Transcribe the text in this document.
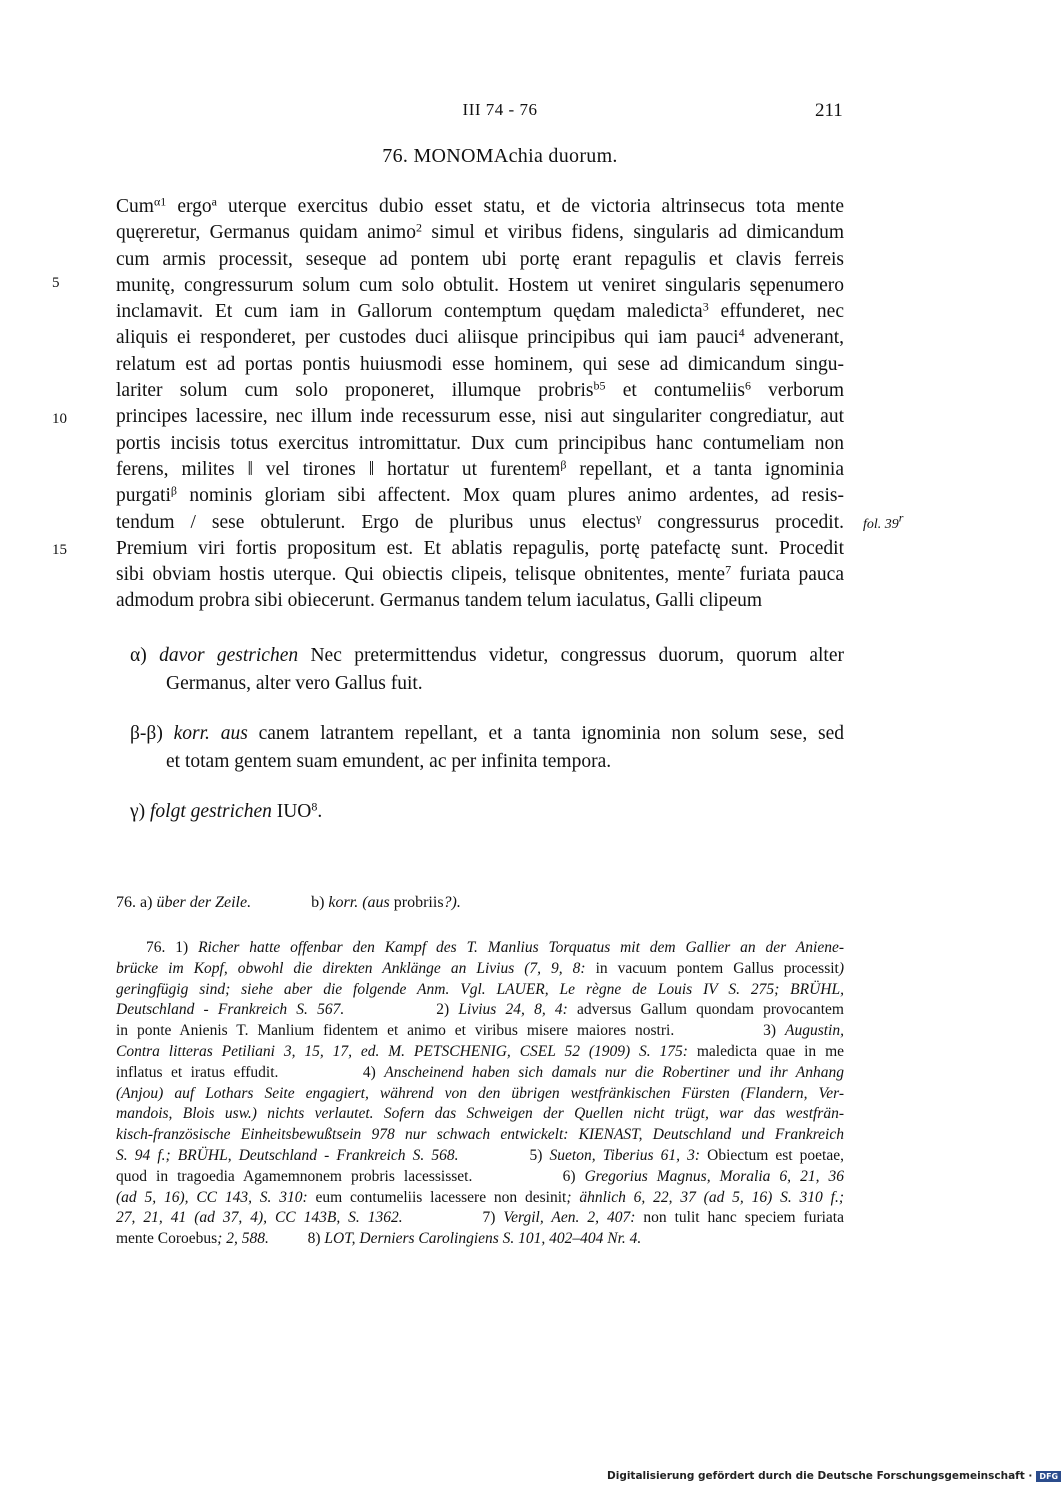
III 74 - 76	211
76. MONOMAchia duorum.
Cum$^{\alpha 1}$ ergo$^a$ uterque exercitus dubio esset statu, et de victoria altrinsecus tota mente
quęreretur, Germanus quidam animo$^2$ simul et viribus fidens, singularis ad dimicandum
cum armis processit, seseque ad pontem ubi portę erant repagulis et clavis ferreis
munitę, congressurum solum cum solo obtulit. Hostem ut veniret singularis sępenumero
inclamavit. Et cum iam in Gallorum contemptum quędam maledicta$^3$ effunderet, nec
aliquis ei responderet, per custodes duci aliisque principibus qui iam pauci$^4$ advenerant,
relatum est ad portas pontis huiusmodi esse hominem, qui sese ad dimicandum singu-
lariter solum cum solo proponeret, illumque probris$^{b5}$ et contumeliis$^6$ verborum
principes lacessire, nec illum inde recessurum esse, nisi aut singulariter congrediatur, aut
portis incisis totus exercitus intromittatur. Dux cum principibus hanc contumeliam non
ferens, milites ‖ vel tirones ‖ hortatur ut furentem$^\beta$ repellant, et a tanta ignominia
purgati$^\beta$ nominis gloriam sibi affectent. Mox quam plures animo ardentes, ad resis-
tendum / sese obtulerunt. Ergo de pluribus unus electus$^\gamma$ congressurus procedit.
Premium viri fortis propositum est. Et ablatis repagulis, portę patefactę sunt. Procedit
sibi obviam hostis uterque. Qui obiectis clipeis, telisque obnitentes, mente$^7$ furiata pauca
admodum probra sibi obiecerunt. Germanus tandem telum iaculatus, Galli clipeum
5
10
15
fol. 39$^r$
α) davor gestrichen Nec pretermittendus videtur, congressus duorum, quorum alter
Germanus, alter vero Gallus fuit.
β-β) korr. aus canem latrantem repellant, et a tanta ignominia non solum sese, sed
et totam gentem suam emundent, ac per infinita tempora.
γ) folgt gestrichen IUO$^8$.
76. a) über der Zeile.	b) korr. (aus probriis?).
76. 1) Richer hatte offenbar den Kampf des T. Manlius Torquatus mit dem Gallier an der Aniene-
brücke im Kopf, obwohl die direkten Anklänge an Livius (7, 9, 8: in vacuum pontem Gallus processit)
geringfügig sind; siehe aber die folgende Anm. Vgl. LAUER, Le règne de Louis IV S. 275; BRÜHL,
Deutschland - Frankreich S. 567.          2) Livius 24, 8, 4: adversus Gallum quondam provocantem
in ponte Anienis T. Manlium fidentem et animo et viribus misere maiores nostri.          3) Augustin,
Contra litteras Petiliani 3, 15, 17, ed. M. PETSCHENIG, CSEL 52 (1909) S. 175: maledicta quae in me
inflatus et iratus effudit.          4) Anscheinend haben sich damals nur die Robertiner und ihr Anhang
(Anjou) auf Lothars Seite engagiert, während von den übrigen westfränkischen Fürsten (Flandern, Ver-
mandois, Blois usw.) nichts verlautet. Sofern das Schweigen der Quellen nicht trügt, war das westfrän-
kisch-französische Einheitsbewußtsein 978 nur schwach entwickelt: KIENAST, Deutschland und Frankreich
S. 94 f.; BRÜHL, Deutschland - Frankreich S. 568.          5) Sueton, Tiberius 61, 3: Obiectum est poetae,
quod in tragoedia Agamemnonem probris lacessisset.          6) Gregorius Magnus, Moralia 6, 21, 36
(ad 5, 16), CC 143, S. 310: eum contumeliis lacessere non desinit; ähnlich 6, 22, 37 (ad 5, 16) S. 310 f.;
27, 21, 41 (ad 37, 4), CC 143B, S. 1362.          7) Vergil, Aen. 2, 407: non tulit hanc speciem furiata
mente Coroebus; 2, 588.          8) LOT, Derniers Carolingiens S. 101, 402–404 Nr. 4.
Digitalisierung gefördert durch die Deutsche Forschungsgemeinschaft · DFG
